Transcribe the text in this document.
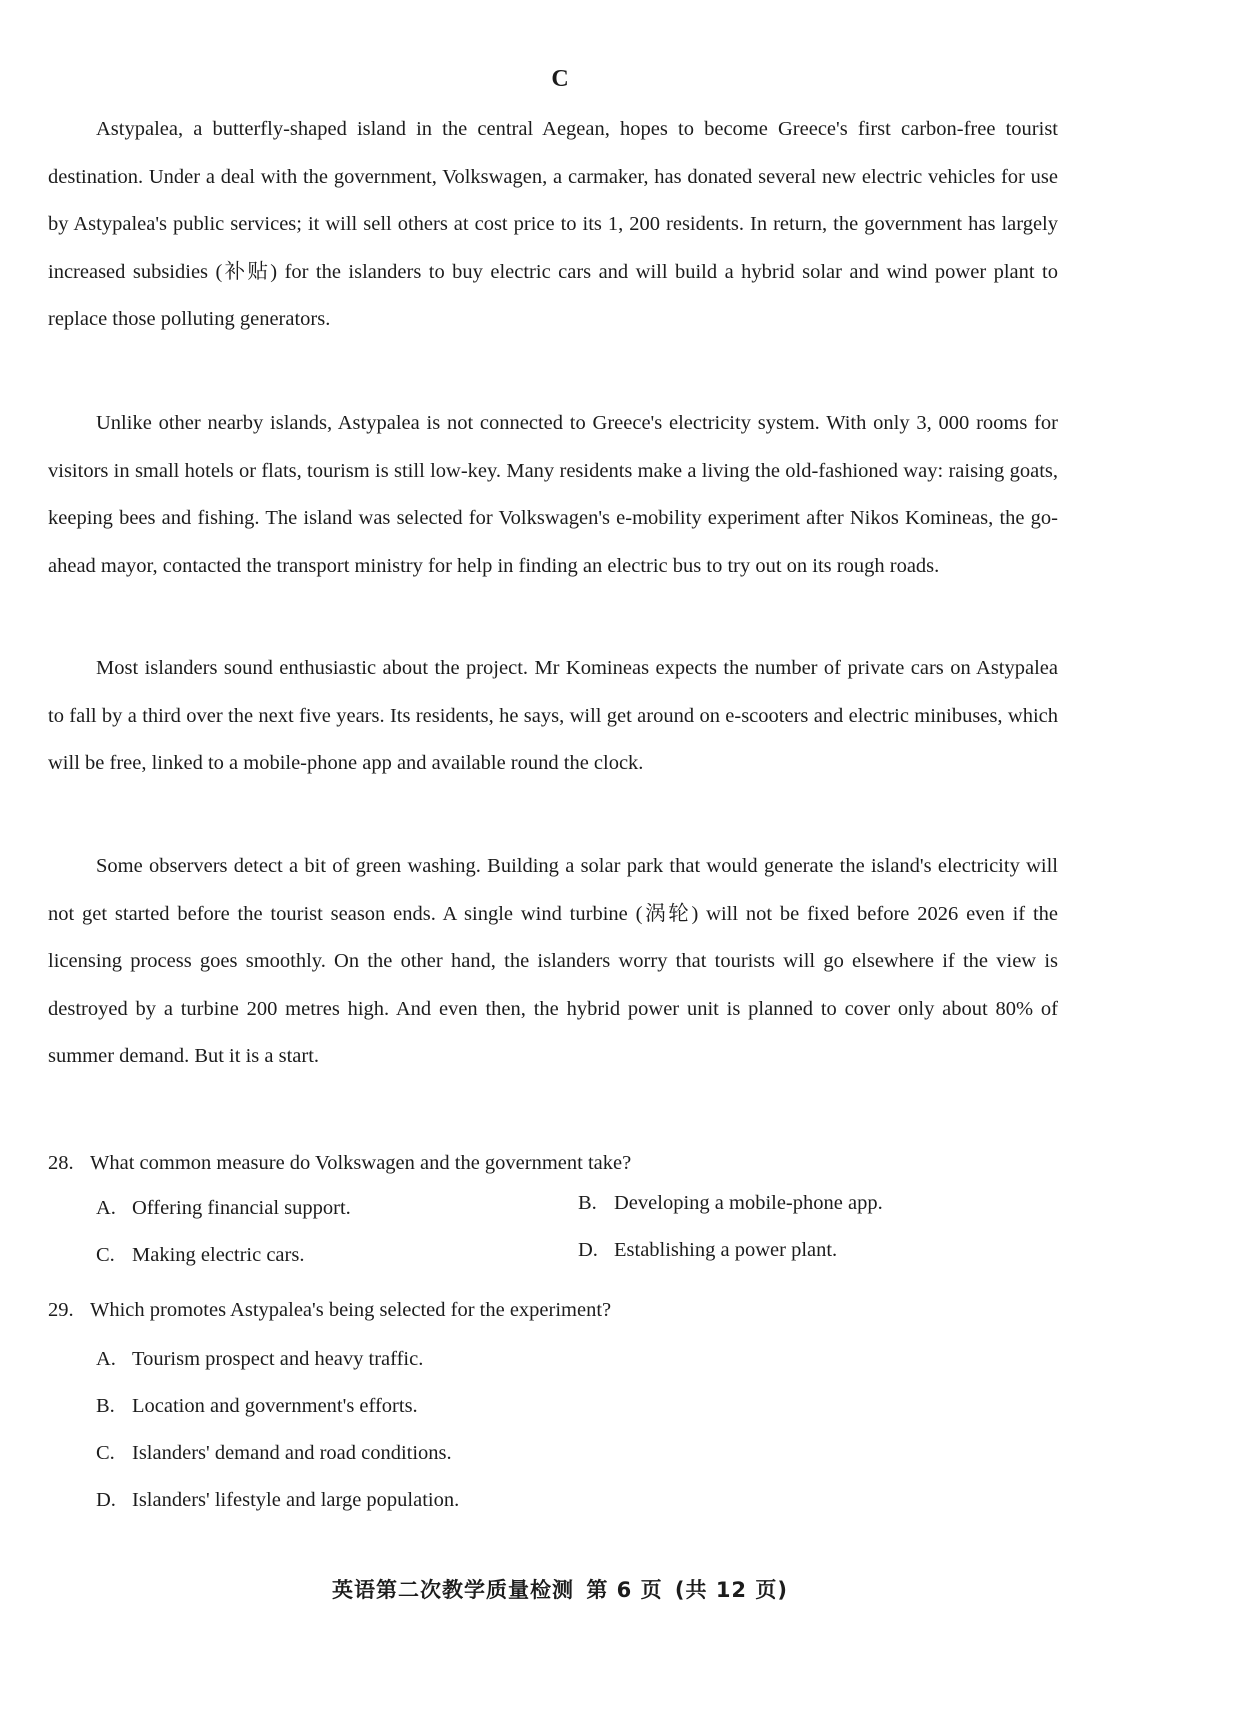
C

Astypalea, a butterfly-shaped island in the central Aegean, hopes to become Greece's first carbon-free tourist destination. Under a deal with the government, Volkswagen, a carmaker, has donated several new electric vehicles for use by Astypalea's public services; it will sell others at cost price to its 1, 200 residents. In return, the government has largely increased subsidies (补贴) for the islanders to buy electric cars and will build a hybrid solar and wind power plant to replace those polluting generators.

Unlike other nearby islands, Astypalea is not connected to Greece's electricity system. With only 3, 000 rooms for visitors in small hotels or flats, tourism is still low-key. Many residents make a living the old-fashioned way: raising goats, keeping bees and fishing. The island was selected for Volkswagen's e-mobility experiment after Nikos Komineas, the go-ahead mayor, contacted the transport ministry for help in finding an electric bus to try out on its rough roads.

Most islanders sound enthusiastic about the project. Mr Komineas expects the number of private cars on Astypalea to fall by a third over the next five years. Its residents, he says, will get around on e-scooters and electric minibuses, which will be free, linked to a mobile-phone app and available round the clock.

Some observers detect a bit of green washing. Building a solar park that would generate the island's electricity will not get started before the tourist season ends. A single wind turbine (涡轮) will not be fixed before 2026 even if the licensing process goes smoothly. On the other hand, the islanders worry that tourists will go elsewhere if the view is destroyed by a turbine 200 metres high. And even then, the hybrid power unit is planned to cover only about 80% of summer demand. But it is a start.

28. What common measure do Volkswagen and the government take?
A. Offering financial support.	B. Developing a mobile-phone app.
C. Making electric cars.	D. Establishing a power plant.
29. Which promotes Astypalea's being selected for the experiment?
A. Tourism prospect and heavy traffic.
B. Location and government's efforts.
C. Islanders' demand and road conditions.
D. Islanders' lifestyle and large population.
英语第二次教学质量检测 第 6 页 (共 12 页)
